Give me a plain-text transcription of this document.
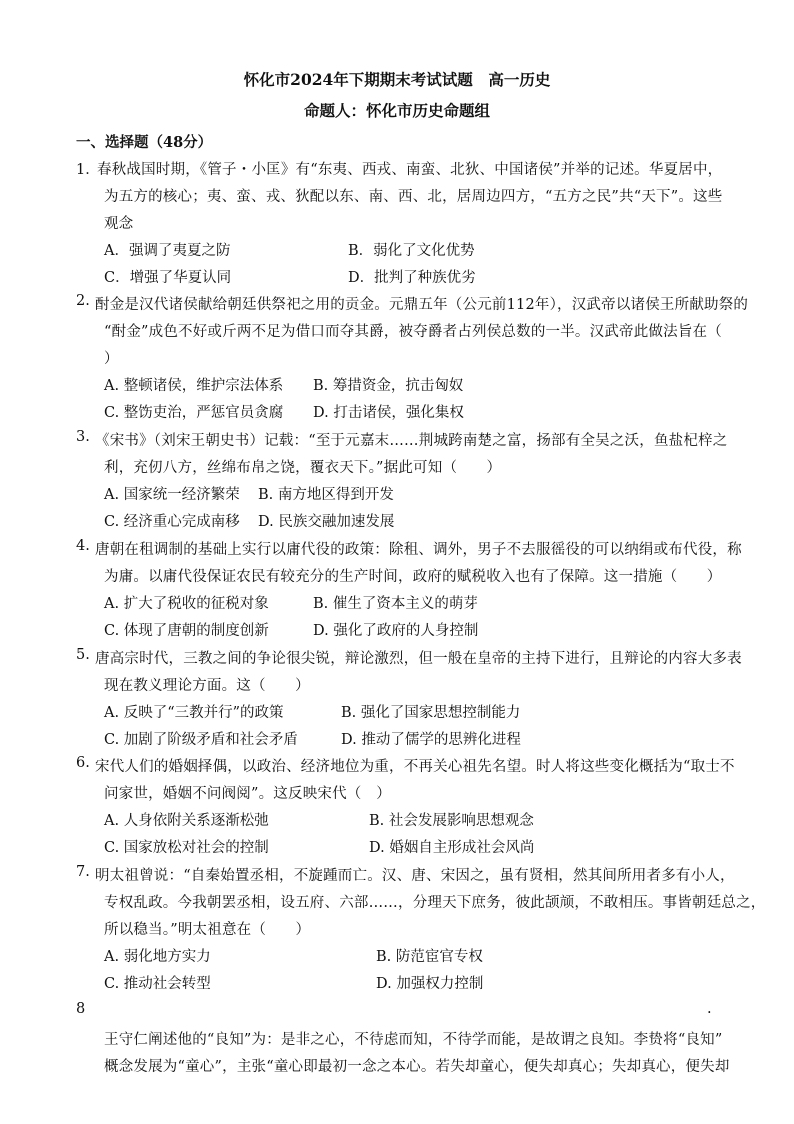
怀化市2024年下期期末考试试题　高一历史
命题人：怀化市历史命题组
一、选择题（48分）
1．
春秋战国时期，《管子・小匡》有“东夷、西戎、南蛮、北狄、中国诸侯”并举的记述。华夏居中，
为五方的核心；夷、蛮、戎、狄配以东、南、西、北，居周边四方，“五方之民”共“天下”。这些
观念
A．强调了夷夏之防	B．弱化了文化优势
C．增强了华夏认同	D．批判了种族优劣
2. 酎金是汉代诸侯献给朝廷供祭祀之用的贡金。元鼎五年（公元前112年），汉武帝以诸侯王所献助祭的
“酎金”成色不好或斤两不足为借口而夺其爵，被夺爵者占列侯总数的一半。汉武帝此做法旨在（
）
A. 整顿诸侯，维护宗法体系 B. 筹措资金，抗击匈奴
C. 整饬吏治，严惩官员贪腐 D. 打击诸侯，强化集权
3. 《宋书》（刘宋王朝史书）记载：“至于元嘉末……荆城跨南楚之富，扬部有全吴之沃，鱼盐杞梓之
利，充仞八方，丝绵布帛之饶，覆衣天下。”据此可知（　　）
A. 国家统一经济繁荣 B. 南方地区得到开发
C. 经济重心完成南移 D. 民族交融加速发展
4. 唐朝在租调制的基础上实行以庸代役的政策：除租、调外，男子不去服徭役的可以纳绢或布代役，称
为庸。以庸代役保证农民有较充分的生产时间，政府的赋税收入也有了保障。这一措施（　　）
A. 扩大了税收的征税对象	B. 催生了资本主义的萌芽
C. 体现了唐朝的制度创新	D. 强化了政府的人身控制
5. 唐高宗时代，三教之间的争论很尖锐，辩论激烈，但一般在皇帝的主持下进行，且辩论的内容大多表
现在教义理论方面。这（　　）
A. 反映了“三教并行”的政策	B. 强化了国家思想控制能力
C. 加剧了阶级矛盾和社会矛盾	D. 推动了儒学的思辨化进程
6. 宋代人们的婚姻择偶，以政治、经济地位为重，不再关心祖先名望。时人将这些变化概括为“取士不
问家世，婚姻不问阀阅”。这反映宋代（　）
A. 人身依附关系逐渐松弛	B. 社会发展影响思想观念
C. 国家放松对社会的控制	D. 婚姻自主形成社会风尚
7. 明太祖曾说：“自秦始置丞相，不旋踵而亡。汉、唐、宋因之，虽有贤相，然其间所用者多有小人，
专权乱政。今我朝罢丞相，设五府、六部……，分理天下庶务，彼此颉颃，不敢相压。事皆朝廷总之，
所以稳当。”明太祖意在（　　）
A. 弱化地方实力	B. 防范宦官专权
C. 推动社会转型	D. 加强权力控制
8	.
王守仁阐述他的“良知”为：是非之心，不待虑而知，不待学而能，是故谓之良知。李贽将“良知”
概念发展为“童心”，主张“童心即最初一念之本心。若失却童心，便失却真心；失却真心，便失却
